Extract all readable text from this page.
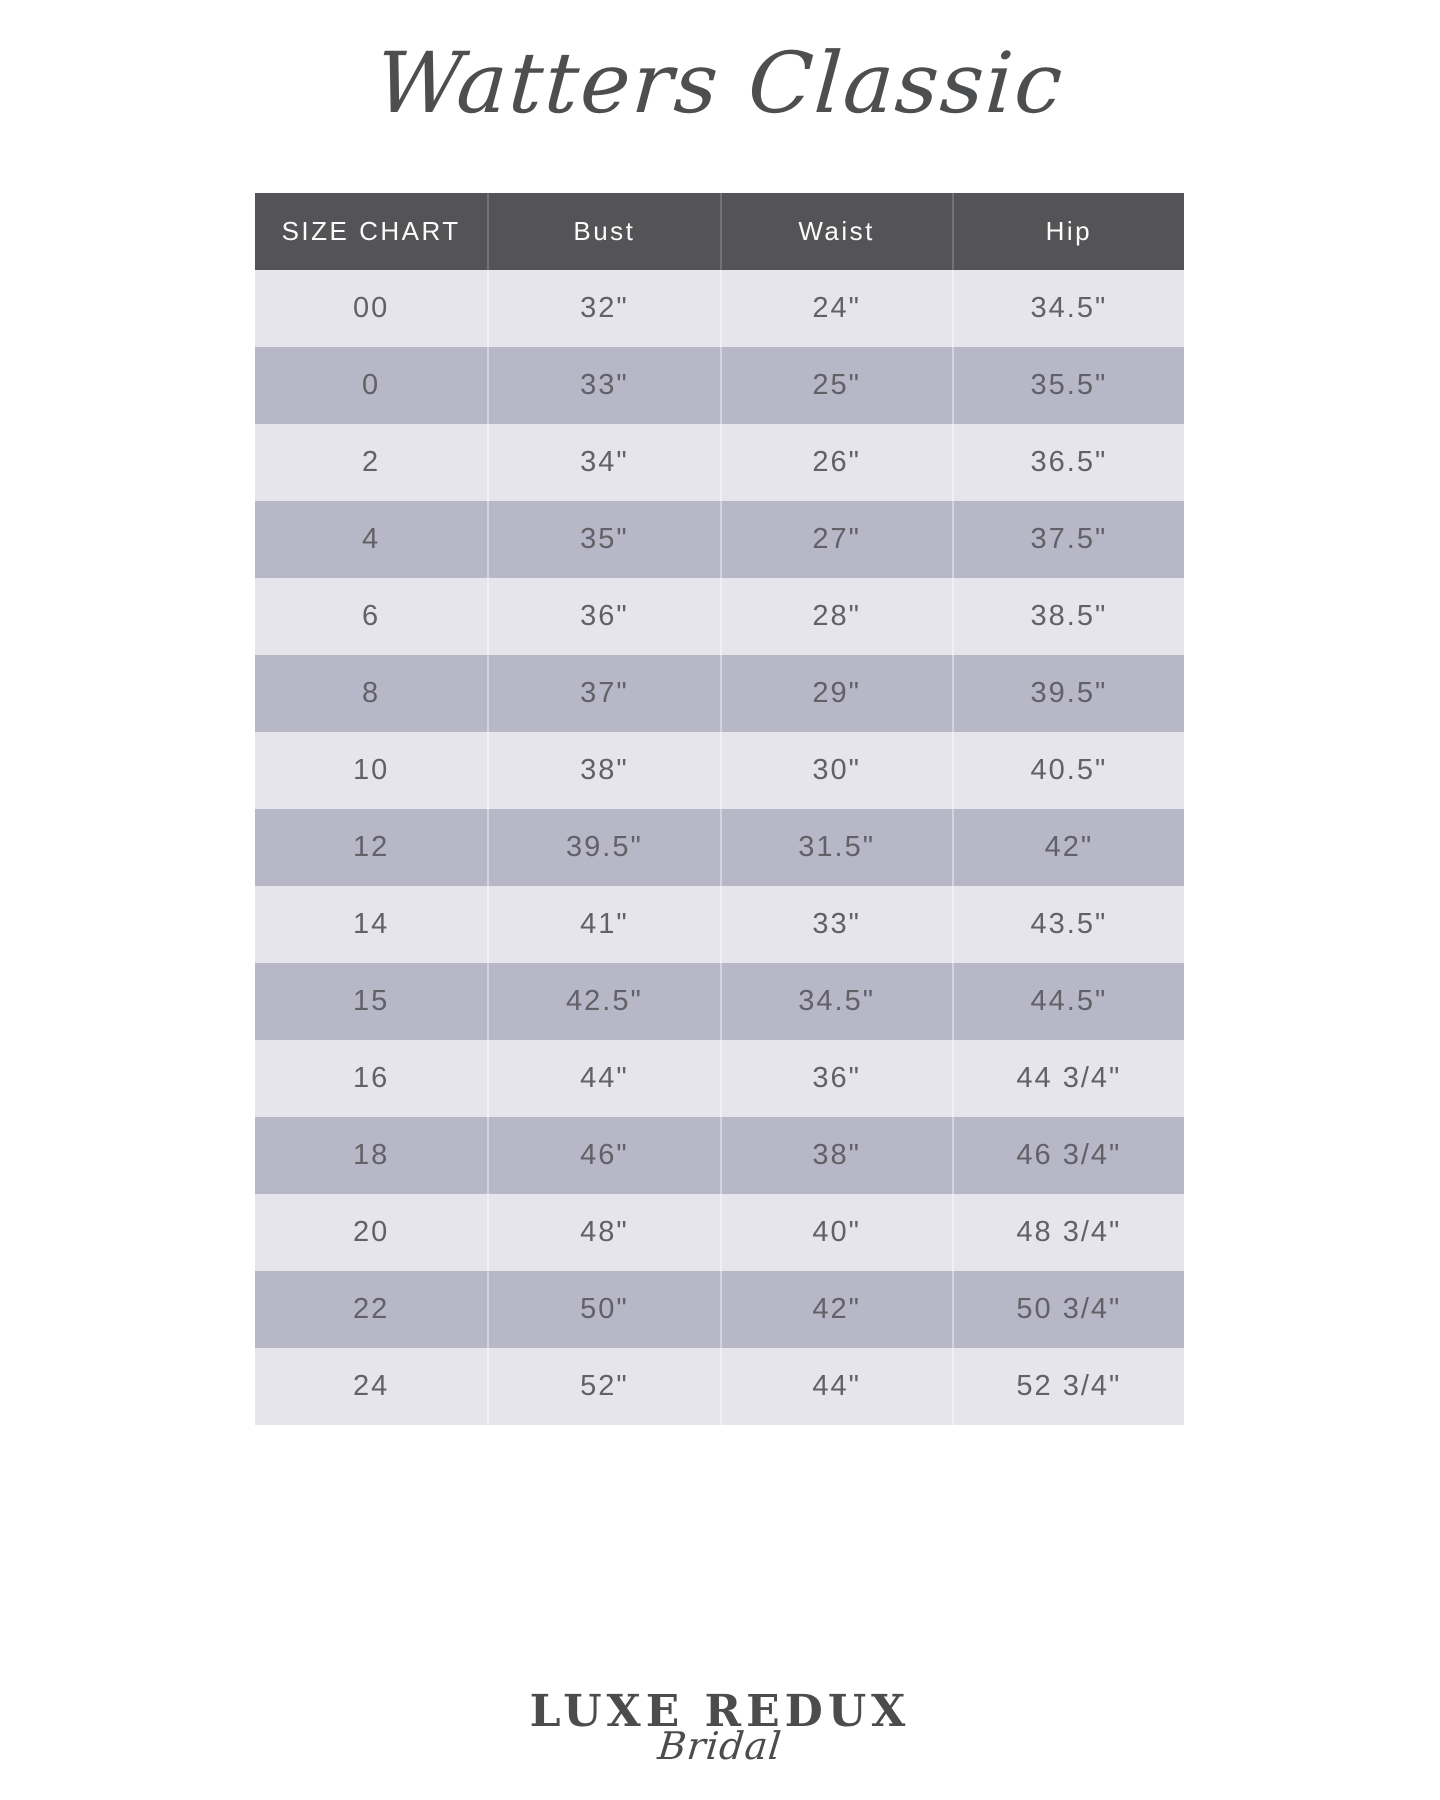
Watters Classic
SIZE CHART	Bust	Waist	Hip
00	32"	24"	34.5"
0	33"	25"	35.5"
2	34"	26"	36.5"
4	35"	27"	37.5"
6	36"	28"	38.5"
8	37"	29"	39.5"
10	38"	30"	40.5"
12	39.5"	31.5"	42"
14	41"	33"	43.5"
15	42.5"	34.5"	44.5"
16	44"	36"	44 3/4"
18	46"	38"	46 3/4"
20	48"	40"	48 3/4"
22	50"	42"	50 3/4"
24	52"	44"	52 3/4"
LUXE REDUX
Bridal
